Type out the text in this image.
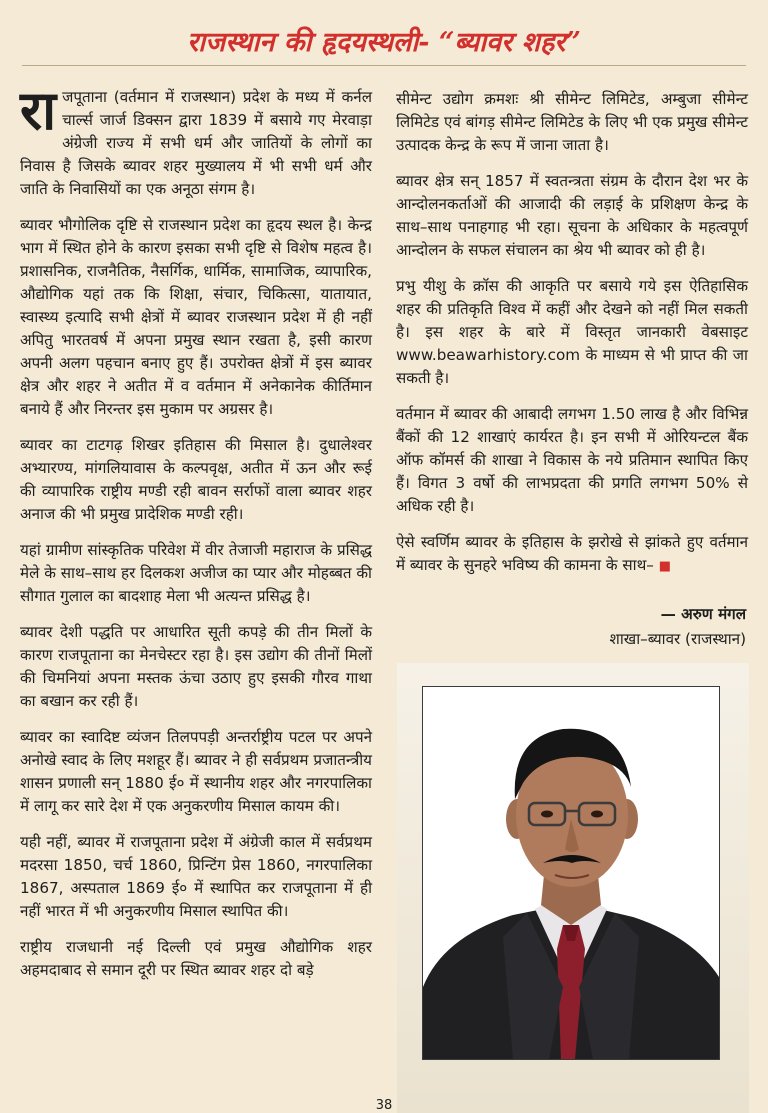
राजस्थान की हृदयस्थली- “ब्यावर शहर”

राजपूताना (वर्तमान में राजस्थान) प्रदेश के मध्य में कर्नल चार्ल्स जार्ज डिक्सन द्वारा 1839 में बसाये गए मेरवाड़ा अंग्रेजी राज्य में सभी धर्म और जातियों के लोगों का निवास है जिसके ब्यावर शहर मुख्यालय में भी सभी धर्म और जाति के निवासियों का एक अनूठा संगम है।

ब्यावर भौगोलिक दृष्टि से राजस्थान प्रदेश का हृदय स्थल है। केन्द्र भाग में स्थित होने के कारण इसका सभी दृष्टि से विशेष महत्व है। प्रशासनिक, राजनैतिक, नैसर्गिक, धार्मिक, सामाजिक, व्यापारिक, औद्योगिक यहां तक कि शिक्षा, संचार, चिकित्सा, यातायात, स्वास्थ्य इत्यादि सभी क्षेत्रों में ब्यावर राजस्थान प्रदेश में ही नहीं अपितु भारतवर्ष में अपना प्रमुख स्थान रखता है, इसी कारण अपनी अलग पहचान बनाए हुए हैं। उपरोक्त क्षेत्रों में इस ब्यावर क्षेत्र और शहर ने अतीत में व वर्तमान में अनेकानेक कीर्तिमान बनाये हैं और निरन्तर इस मुकाम पर अग्रसर है।

ब्यावर का टाटगढ़ शिखर इतिहास की मिसाल है। दुधालेश्वर अभ्यारण्य, मांगलियावास के कल्पवृक्ष, अतीत में ऊन और रूई की व्यापारिक राष्ट्रीय मण्डी रही बावन सर्राफों वाला ब्यावर शहर अनाज की भी प्रमुख प्रादेशिक मण्डी रही।

यहां ग्रामीण सांस्कृतिक परिवेश में वीर तेजाजी महाराज के प्रसिद्ध मेले के साथ–साथ हर दिलकश अजीज का प्यार और मोहब्बत की सौगात गुलाल का बादशाह मेला भी अत्यन्त प्रसिद्ध है।

ब्यावर देशी पद्धति पर आधारित सूती कपड़े की तीन मिलों के कारण राजपूताना का मेनचेस्टर रहा है। इस उद्योग की तीनों मिलों की चिमनियां अपना मस्तक ऊंचा उठाए हुए इसकी गौरव गाथा का बखान कर रही हैं।

ब्यावर का स्वादिष्ट व्यंजन तिलपपड़ी अन्तर्राष्ट्रीय पटल पर अपने अनोखे स्वाद के लिए मशहूर हैं। ब्यावर ने ही सर्वप्रथम प्रजातन्त्रीय शासन प्रणाली सन् 1880 ई० में स्थानीय शहर और नगरपालिका में लागू कर सारे देश में एक अनुकरणीय मिसाल कायम की।

यही नहीं, ब्यावर में राजपूताना प्रदेश में अंग्रेजी काल में सर्वप्रथम मदरसा 1850, चर्च 1860, प्रिन्टिंग प्रेस 1860, नगरपालिका 1867, अस्पताल 1869 ई० में स्थापित कर राजपूताना में ही नहीं भारत में भी अनुकरणीय मिसाल स्थापित की।

राष्ट्रीय राजधानी नई दिल्ली एवं प्रमुख औद्योगिक शहर अहमदाबाद से समान दूरी पर स्थित ब्यावर शहर दो बड़े

सीमेन्ट उद्योग क्रमशः श्री सीमेन्ट लिमिटेड, अम्बुजा सीमेन्ट लिमिटेड एवं बांगड़ सीमेन्ट लिमिटेड के लिए भी एक प्रमुख सीमेन्ट उत्पादक केन्द्र के रूप में जाना जाता है।

ब्यावर क्षेत्र सन् 1857 में स्वतन्त्रता संग्रम के दौरान देश भर के आन्दोलनकर्ताओं की आजादी की लड़ाई के प्रशिक्षण केन्द्र के साथ–साथ पनाहगाह भी रहा। सूचना के अधिकार के महत्वपूर्ण आन्दोलन के सफल संचालन का श्रेय भी ब्यावर को ही है।

प्रभु यीशु के क्रॉस की आकृति पर बसाये गये इस ऐतिहासिक शहर की प्रतिकृति विश्व में कहीं और देखने को नहीं मिल सकती है। इस शहर के बारे में विस्तृत जानकारी वेबसाइट www.beawarhistory.com के माध्यम से भी प्राप्त की जा सकती है।

वर्तमान में ब्यावर की आबादी लगभग 1.50 लाख है और विभिन्न बैंकों की 12 शाखाएं कार्यरत है। इन सभी में ओरियन्टल बैंक ऑफ कॉमर्स की शाखा ने विकास के नये प्रतिमान स्थापित किए हैं। विगत 3 वर्षो की लाभप्रदता की प्रगति लगभग 50% से अधिक रही है।

ऐसे स्वर्णिम ब्यावर के इतिहास के झरोखे से झांकते हुए वर्तमान में ब्यावर के सुनहरे भविष्य की कामना के साथ– ■

— अरुण मंगल
शाखा–ब्यावर (राजस्थान)
38
